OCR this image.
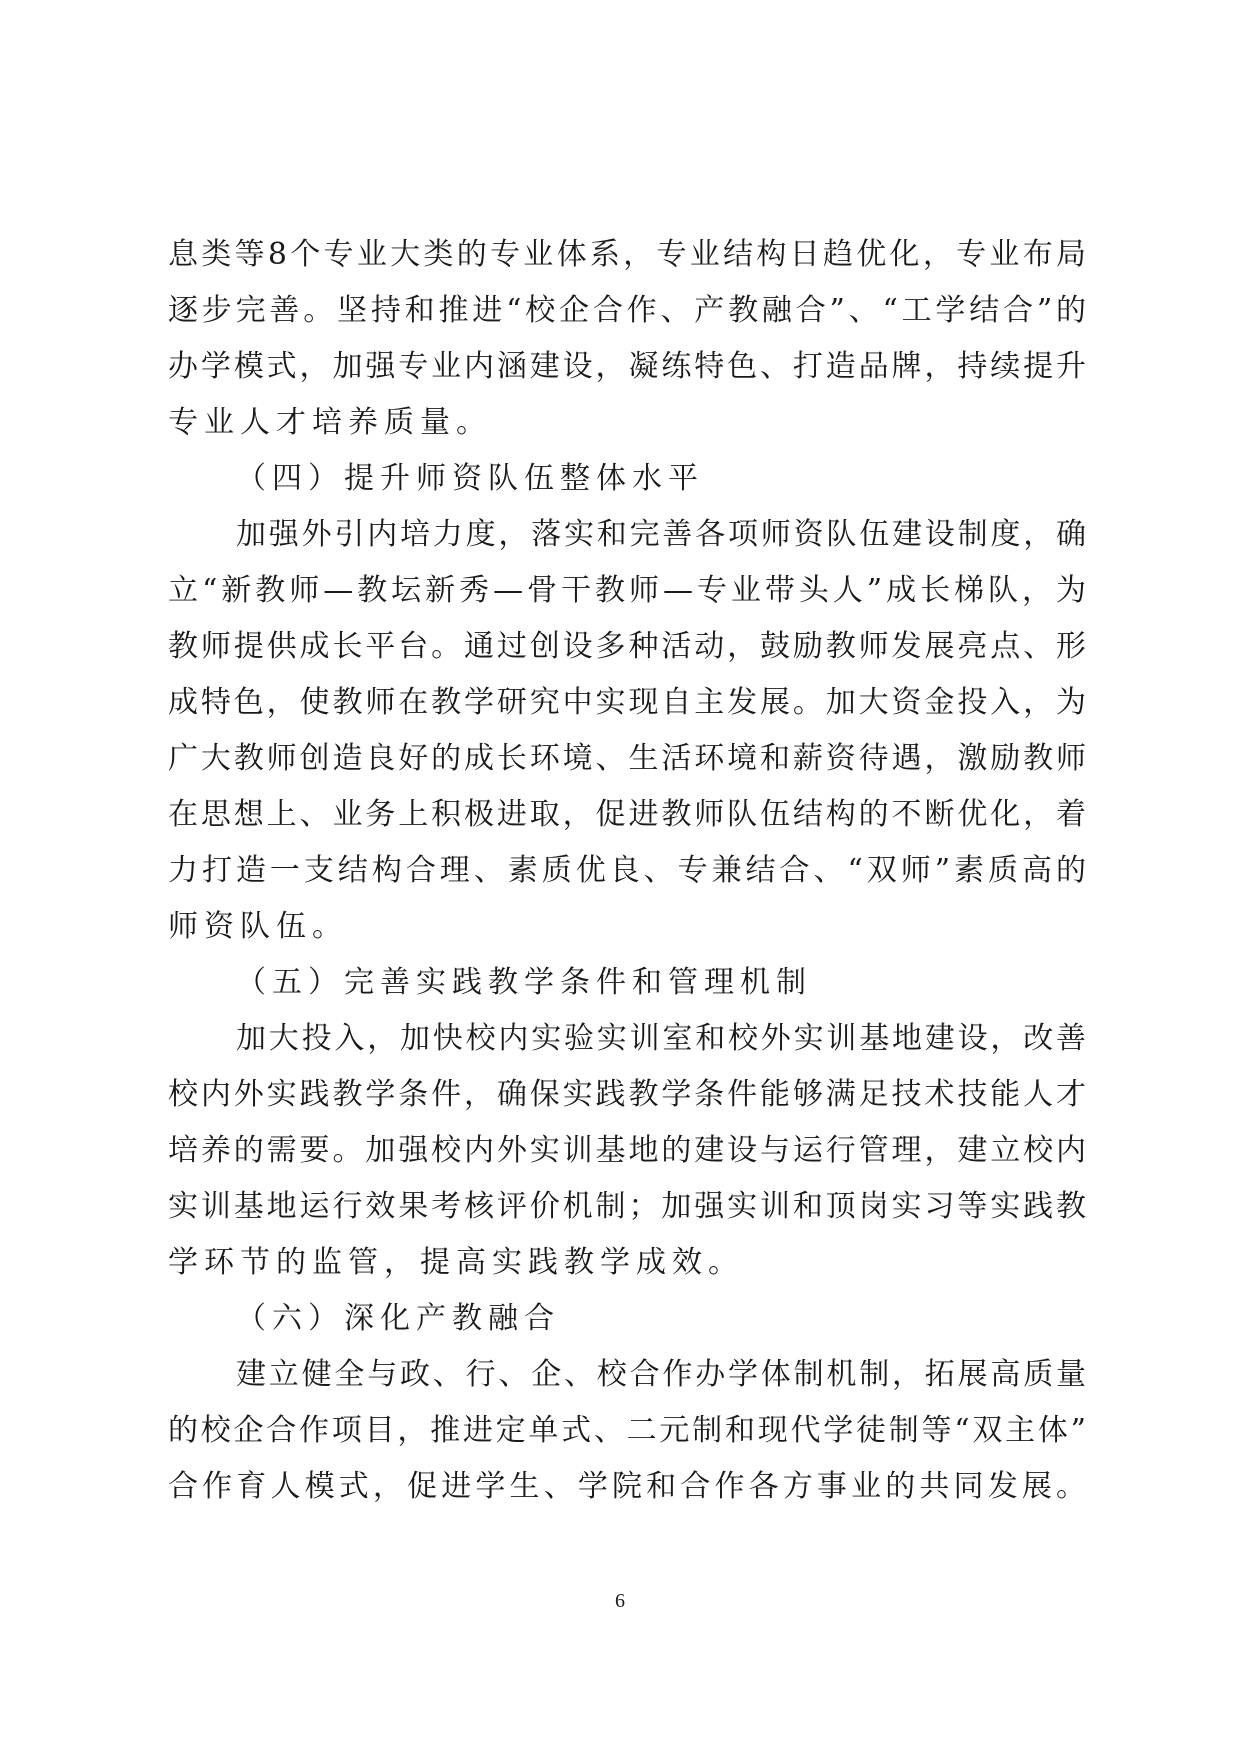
息类等8个专业大类的专业体系，专业结构日趋优化，专业布局
逐步完善。坚持和推进“校企合作、产教融合”、“工学结合”的
办学模式，加强专业内涵建设，凝练特色、打造品牌，持续提升
专业人才培养质量。
（四）提升师资队伍整体水平
加强外引内培力度，落实和完善各项师资队伍建设制度，确
立“新教师—教坛新秀—骨干教师—专业带头人”成长梯队，为
教师提供成长平台。通过创设多种活动，鼓励教师发展亮点、形
成特色，使教师在教学研究中实现自主发展。加大资金投入，为
广大教师创造良好的成长环境、生活环境和薪资待遇，激励教师
在思想上、业务上积极进取，促进教师队伍结构的不断优化，着
力打造一支结构合理、素质优良、专兼结合、“双师”素质高的
师资队伍。
（五）完善实践教学条件和管理机制
加大投入，加快校内实验实训室和校外实训基地建设，改善
校内外实践教学条件，确保实践教学条件能够满足技术技能人才
培养的需要。加强校内外实训基地的建设与运行管理，建立校内
实训基地运行效果考核评价机制；加强实训和顶岗实习等实践教
学环节的监管，提高实践教学成效。
（六）深化产教融合
建立健全与政、行、企、校合作办学体制机制，拓展高质量
的校企合作项目，推进定单式、二元制和现代学徒制等“双主体”
合作育人模式，促进学生、学院和合作各方事业的共同发展。
6
